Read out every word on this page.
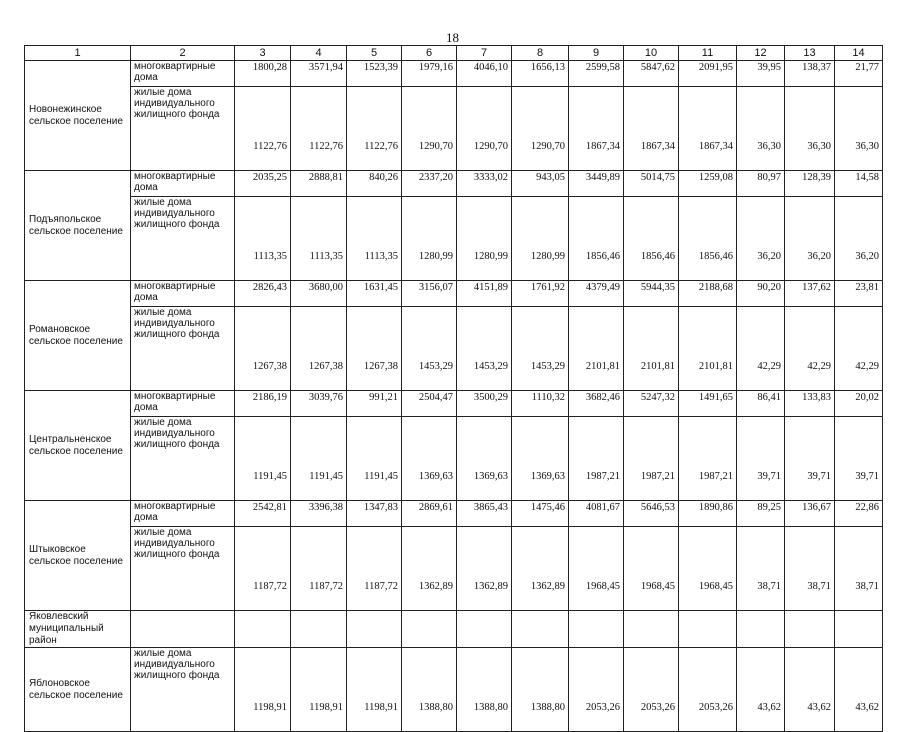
18
1	2	3	4	5	6	7	8	9	10	11	12	13	14
Новонежинское сельское поселение	многоквартирные дома	1800,28	3571,94	1523,39	1979,16	4046,10	1656,13	2599,58	5847,62	2091,95	39,95	138,37	21,77
	жилые дома индивидуального жилищного фонда	1122,76	1122,76	1122,76	1290,70	1290,70	1290,70	1867,34	1867,34	1867,34	36,30	36,30	36,30
Подъяпольское сельское поселение	многоквартирные дома	2035,25	2888,81	840,26	2337,20	3333,02	943,05	3449,89	5014,75	1259,08	80,97	128,39	14,58
	жилые дома индивидуального жилищного фонда	1113,35	1113,35	1113,35	1280,99	1280,99	1280,99	1856,46	1856,46	1856,46	36,20	36,20	36,20
Романовское сельское поселение	многоквартирные дома	2826,43	3680,00	1631,45	3156,07	4151,89	1761,92	4379,49	5944,35	2188,68	90,20	137,62	23,81
	жилые дома индивидуального жилищного фонда	1267,38	1267,38	1267,38	1453,29	1453,29	1453,29	2101,81	2101,81	2101,81	42,29	42,29	42,29
Центральненское сельское поселение	многоквартирные дома	2186,19	3039,76	991,21	2504,47	3500,29	1110,32	3682,46	5247,32	1491,65	86,41	133,83	20,02
	жилые дома индивидуального жилищного фонда	1191,45	1191,45	1191,45	1369,63	1369,63	1369,63	1987,21	1987,21	1987,21	39,71	39,71	39,71
Штыковское сельское поселение	многоквартирные дома	2542,81	3396,38	1347,83	2869,61	3865,43	1475,46	4081,67	5646,53	1890,86	89,25	136,67	22,86
	жилые дома индивидуального жилищного фонда	1187,72	1187,72	1187,72	1362,89	1362,89	1362,89	1968,45	1968,45	1968,45	38,71	38,71	38,71
Яковлевский муниципальный район													
Яблоновское сельское поселение	жилые дома индивидуального жилищного фонда	1198,91	1198,91	1198,91	1388,80	1388,80	1388,80	2053,26	2053,26	2053,26	43,62	43,62	43,62
